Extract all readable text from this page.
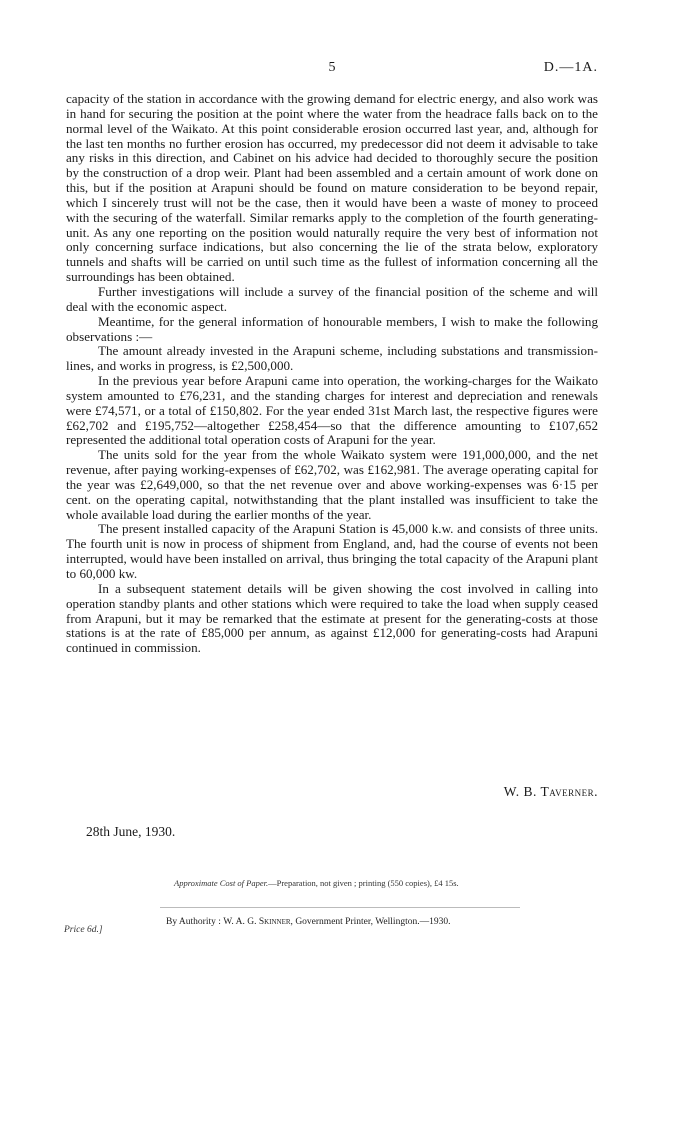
5	D.—1A.

capacity of the station in accordance with the growing demand for electric energy, and also work was in hand for securing the position at the point where the water from the headrace falls back on to the normal level of the Waikato. At this point considerable erosion occurred last year, and, although for the last ten months no further erosion has occurred, my predecessor did not deem it advisable to take any risks in this direction, and Cabinet on his advice had decided to thoroughly secure the position by the construction of a drop weir. Plant had been assembled and a certain amount of work done on this, but if the position at Arapuni should be found on mature consideration to be beyond repair, which I sincerely trust will not be the case, then it would have been a waste of money to proceed with the securing of the waterfall. Similar remarks apply to the completion of the fourth generating-unit. As any one reporting on the position would naturally require the very best of information not only concerning surface indications, but also concerning the lie of the strata below, exploratory tunnels and shafts will be carried on until such time as the fullest of information concerning all the surroundings has been obtained.

Further investigations will include a survey of the financial position of the scheme and will deal with the economic aspect.

Meantime, for the general information of honourable members, I wish to make the following observations :—

The amount already invested in the Arapuni scheme, including substations and transmission-lines, and works in progress, is £2,500,000.

In the previous year before Arapuni came into operation, the working-charges for the Waikato system amounted to £76,231, and the standing charges for interest and depreciation and renewals were £74,571, or a total of £150,802. For the year ended 31st March last, the respective figures were £62,702 and £195,752—altogether £258,454—so that the difference amounting to £107,652 represented the additional total operation costs of Arapuni for the year.

The units sold for the year from the whole Waikato system were 191,000,000, and the net revenue, after paying working-expenses of £62,702, was £162,981. The average operating capital for the year was £2,649,000, so that the net revenue over and above working-expenses was 6·15 per cent. on the operating capital, notwithstanding that the plant installed was insufficient to take the whole available load during the earlier months of the year.

The present installed capacity of the Arapuni Station is 45,000 k.w. and consists of three units. The fourth unit is now in process of shipment from England, and, had the course of events not been interrupted, would have been installed on arrival, thus bringing the total capacity of the Arapuni plant to 60,000 kw.

In a subsequent statement details will be given showing the cost involved in calling into operation standby plants and other stations which were required to take the load when supply ceased from Arapuni, but it may be remarked that the estimate at present for the generating-costs at those stations is at the rate of £85,000 per annum, as against £12,000 for generating-costs had Arapuni continued in commission.

W. B. Taverner.
28th June, 1930.
Approximate Cost of Paper.—Preparation, not given ; printing (550 copies), £4 15s.
Price 6d.]
By Authority : W. A. G. Skinner, Government Printer, Wellington.—1930.
